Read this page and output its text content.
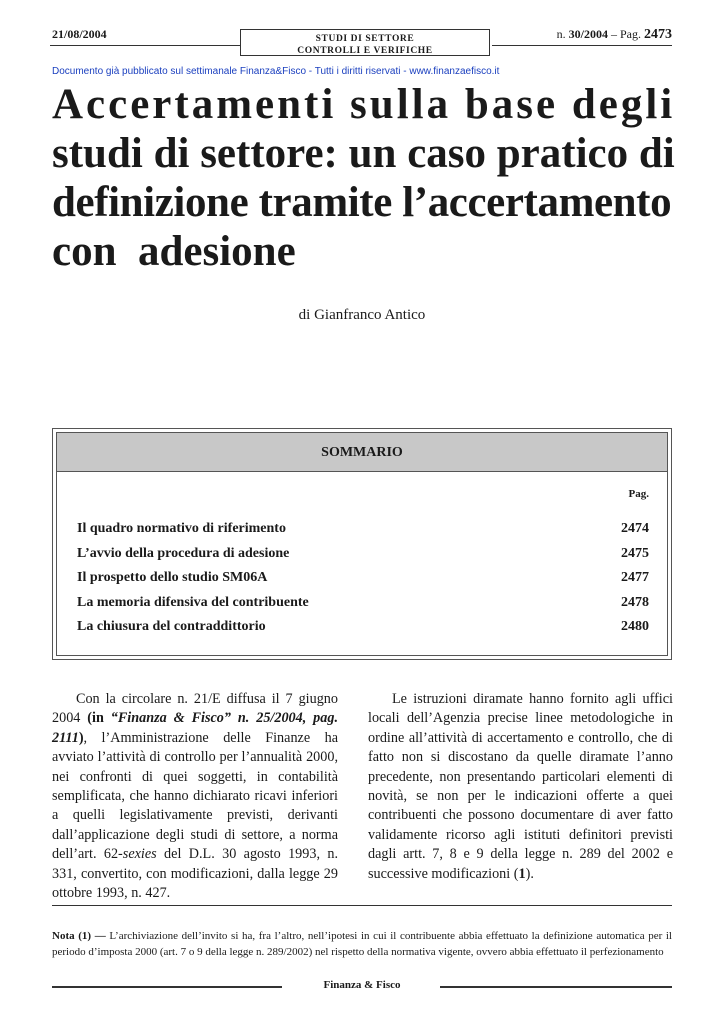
21/08/2004	STUDI DI SETTORE
CONTROLLI E VERIFICHE
n. 30/2004 – Pag. 2473
Documento già pubblicato sul settimanale Finanza&Fisco - Tutti i diritti riservati - www.finanzaefisco.it
Accertamenti sulla base degli
studi di settore: un caso pratico di
definizione tramite l’accertamento
con  adesione
di Gianfranco Antico
SOMMARIO
Pag.
Il quadro normativo di riferimento	2474
L’avvio della procedura di adesione	2475
Il prospetto dello studio SM06A	2477
La memoria difensiva del contribuente	2478
La chiusura del contraddittorio	2480

Con la circolare n. 21/E diffusa il 7 giugno 2004 (in “Finanza & Fisco” n. 25/2004, pag. 2111), l’Amministrazione delle Finanze ha avviato l’attività di controllo per l’annualità 2000, nei confronti di quei soggetti, in contabilità semplificata, che hanno dichiarato ricavi inferiori a quelli legislativamente previsti, derivanti dall’applicazione degli studi di settore, a norma dell’art. 62-sexies del D.L. 30 agosto 1993, n. 331, convertito, con modificazioni, dalla legge 29 ottobre 1993, n. 427.

Le istruzioni diramate hanno fornito agli uffici locali dell’Agenzia precise linee metodologiche in ordine all’attività di accertamento e controllo, che di fatto non si discostano da quelle diramate l’anno precedente, non presentando particolari elementi di novità, se non per le indicazioni offerte a quei contribuenti che possono documentare di aver fatto validamente ricorso agli istituti definitori previsti dagli artt. 7, 8 e 9 della legge n. 289 del 2002 e successive modificazioni (1).

Nota (1) — L’archiviazione dell’invito si ha, fra l’altro, nell’ipotesi in cui il contribuente abbia effettuato la definizione automatica per il periodo d’imposta 2000 (art. 7 o 9 della legge n. 289/2002) nel rispetto della normativa vigente, ovvero abbia effettuato il perfezionamento
Finanza & Fisco
